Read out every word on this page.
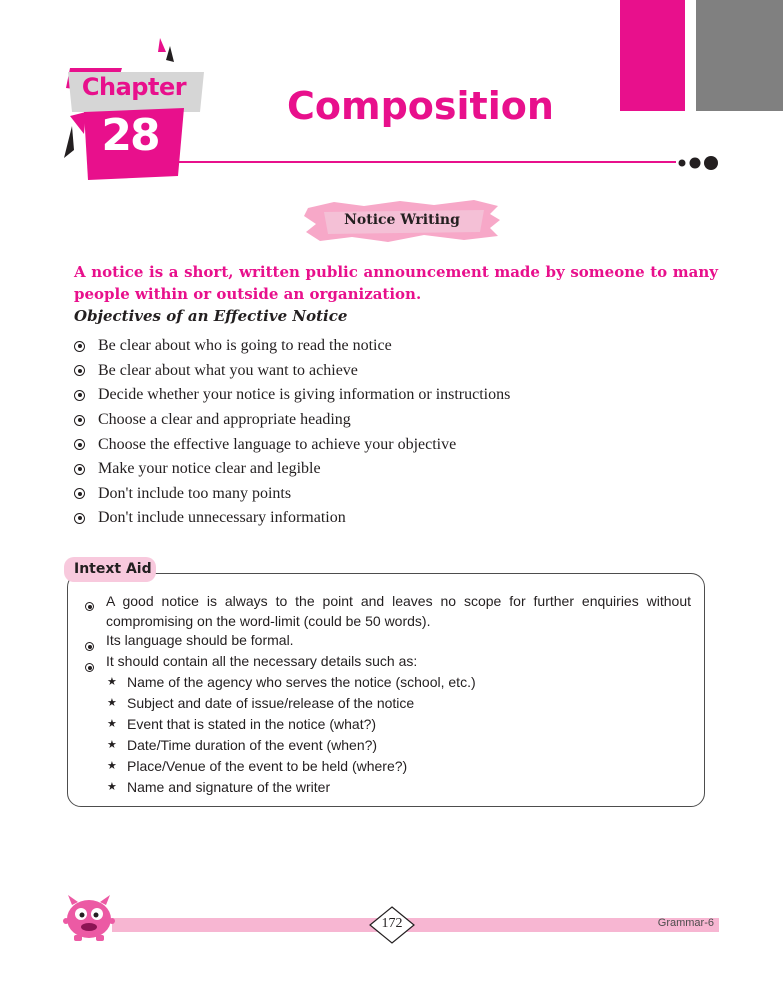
Chapter
28
Composition
Notice Writing
A notice is a short, written public announcement made by someone to many people within or outside an organization.
Objectives of an Effective Notice
Be clear about who is going to read the notice
Be clear about what you want to achieve
Decide whether your notice is giving information or instructions
Choose a clear and appropriate heading
Choose the effective language to achieve your objective
Make your notice clear and legible
Don't include too many points
Don't include unnecessary information
Intext Aid
A good notice is always to the point and leaves no scope for further enquiries without compromising on the word-limit (could be 50 words).
Its language should be formal.
It should contain all the necessary details such as:
★ Name of the agency who serves the notice (school, etc.)
★ Subject and date of issue/release of the notice
★ Event that is stated in the notice (what?)
★ Date/Time duration of the event (when?)
★ Place/Venue of the event to be held (where?)
★ Name and signature of the writer
172	Grammar-6
